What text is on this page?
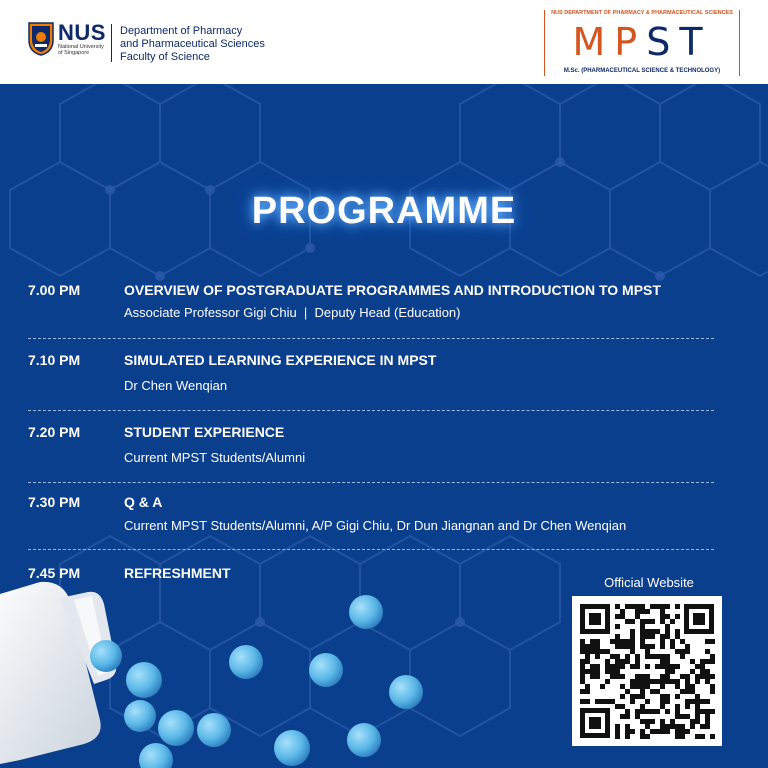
NUS
National University
of Singapore
Department of Pharmacy
and Pharmaceutical Sciences
Faculty of Science
NUS DEPARTMENT OF PHARMACY & PHARMACEUTICAL SCIENCES
MPST
M.Sc. (PHARMACEUTICAL SCIENCE & TECHNOLOGY)
PROGRAMME
7.00 PM	OVERVIEW OF POSTGRADUATE PROGRAMMES AND INTRODUCTION TO MPST
Associate Professor Gigi Chiu  |  Deputy Head (Education)
7.10 PM	SIMULATED LEARNING EXPERIENCE IN MPST
Dr Chen Wenqian
7.20 PM	STUDENT EXPERIENCE
Current MPST Students/Alumni
7.30 PM	Q & A
Current MPST Students/Alumni, A/P Gigi Chiu, Dr Dun Jiangnan and Dr Chen Wenqian
7.45 PM	REFRESHMENT
Official Website
